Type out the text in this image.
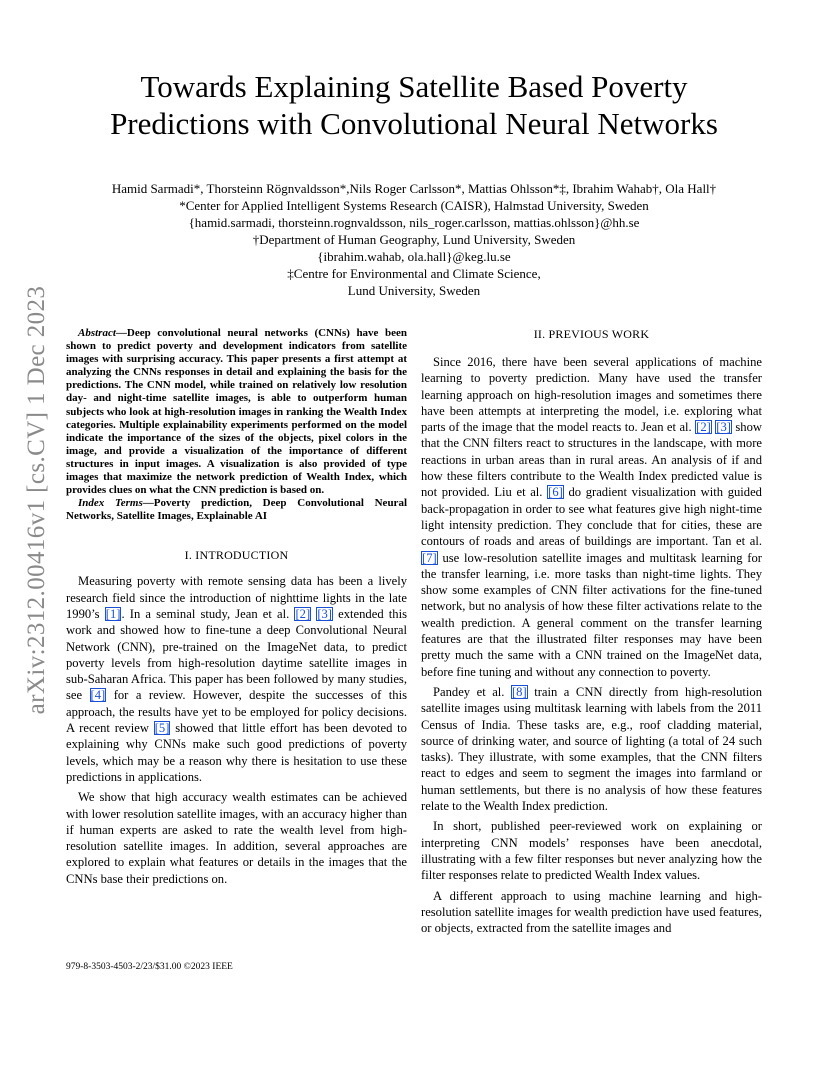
arXiv:2312.00416v1 [cs.CV] 1 Dec 2023
Towards Explaining Satellite Based Poverty
Predictions with Convolutional Neural Networks
Hamid Sarmadi*, Thorsteinn Rögnvaldsson*,Nils Roger Carlsson*, Mattias Ohlsson*‡, Ibrahim Wahab†, Ola Hall†
*Center for Applied Intelligent Systems Research (CAISR), Halmstad University, Sweden
{hamid.sarmadi, thorsteinn.rognvaldsson, nils_roger.carlsson, mattias.ohlsson}@hh.se
†Department of Human Geography, Lund University, Sweden
{ibrahim.wahab, ola.hall}@keg.lu.se
‡Centre for Environmental and Climate Science,
Lund University, Sweden

Abstract—Deep convolutional neural networks (CNNs) have been shown to predict poverty and development indicators from satellite images with surprising accuracy. This paper presents a first attempt at analyzing the CNNs responses in detail and explaining the basis for the predictions. The CNN model, while trained on relatively low resolution day- and night-time satellite images, is able to outperform human subjects who look at high-resolution images in ranking the Wealth Index categories. Multiple explainability experiments performed on the model indicate the importance of the sizes of the objects, pixel colors in the image, and provide a visualization of the importance of different structures in input images. A visualization is also provided of type images that maximize the network prediction of Wealth Index, which provides clues on what the CNN prediction is based on.

Index Terms—Poverty prediction, Deep Convolutional Neural Networks, Satellite Images, Explainable AI

I. INTRODUCTION

Measuring poverty with remote sensing data has been a lively research field since the introduction of nighttime lights in the late 1990’s [1]. In a seminal study, Jean et al. [2] [3] extended this work and showed how to fine-tune a deep Convolutional Neural Network (CNN), pre-trained on the ImageNet data, to predict poverty levels from high-resolution daytime satellite images in sub-Saharan Africa. This paper has been followed by many studies, see [4] for a review. However, despite the successes of this approach, the results have yet to be employed for policy decisions. A recent review [5] showed that little effort has been devoted to explaining why CNNs make such good predictions of poverty levels, which may be a reason why there is hesitation to use these predictions in applications.

We show that high accuracy wealth estimates can be achieved with lower resolution satellite images, with an accuracy higher than if human experts are asked to rate the wealth level from high-resolution satellite images. In addition, several approaches are explored to explain what features or details in the images that the CNNs base their predictions on.

II. PREVIOUS WORK

Since 2016, there have been several applications of machine learning to poverty prediction. Many have used the transfer learning approach on high-resolution images and sometimes there have been attempts at interpreting the model, i.e. exploring what parts of the image that the model reacts to. Jean et al. [2] [3] show that the CNN filters react to structures in the landscape, with more reactions in urban areas than in rural areas. An analysis of if and how these filters contribute to the Wealth Index predicted value is not provided. Liu et al. [6] do gradient visualization with guided back-propagation in order to see what features give high night-time light intensity prediction. They conclude that for cities, these are contours of roads and areas of buildings are important. Tan et al. [7] use low-resolution satellite images and multitask learning for the transfer learning, i.e. more tasks than night-time lights. They show some examples of CNN filter activations for the fine-tuned network, but no analysis of how these filter activations relate to the wealth prediction. A general comment on the transfer learning features are that the illustrated filter responses may have been pretty much the same with a CNN trained on the ImageNet data, before fine tuning and without any connection to poverty.

Pandey et al. [8] train a CNN directly from high-resolution satellite images using multitask learning with labels from the 2011 Census of India. These tasks are, e.g., roof cladding material, source of drinking water, and source of lighting (a total of 24 such tasks). They illustrate, with some examples, that the CNN filters react to edges and seem to segment the images into farmland or human settlements, but there is no analysis of how these features relate to the Wealth Index prediction.

In short, published peer-reviewed work on explaining or interpreting CNN models’ responses have been anecdotal, illustrating with a few filter responses but never analyzing how the filter responses relate to predicted Wealth Index values.

A different approach to using machine learning and high-resolution satellite images for wealth prediction have used features, or objects, extracted from the satellite images and

979-8-3503-4503-2/23/$31.00 ©2023 IEEE
